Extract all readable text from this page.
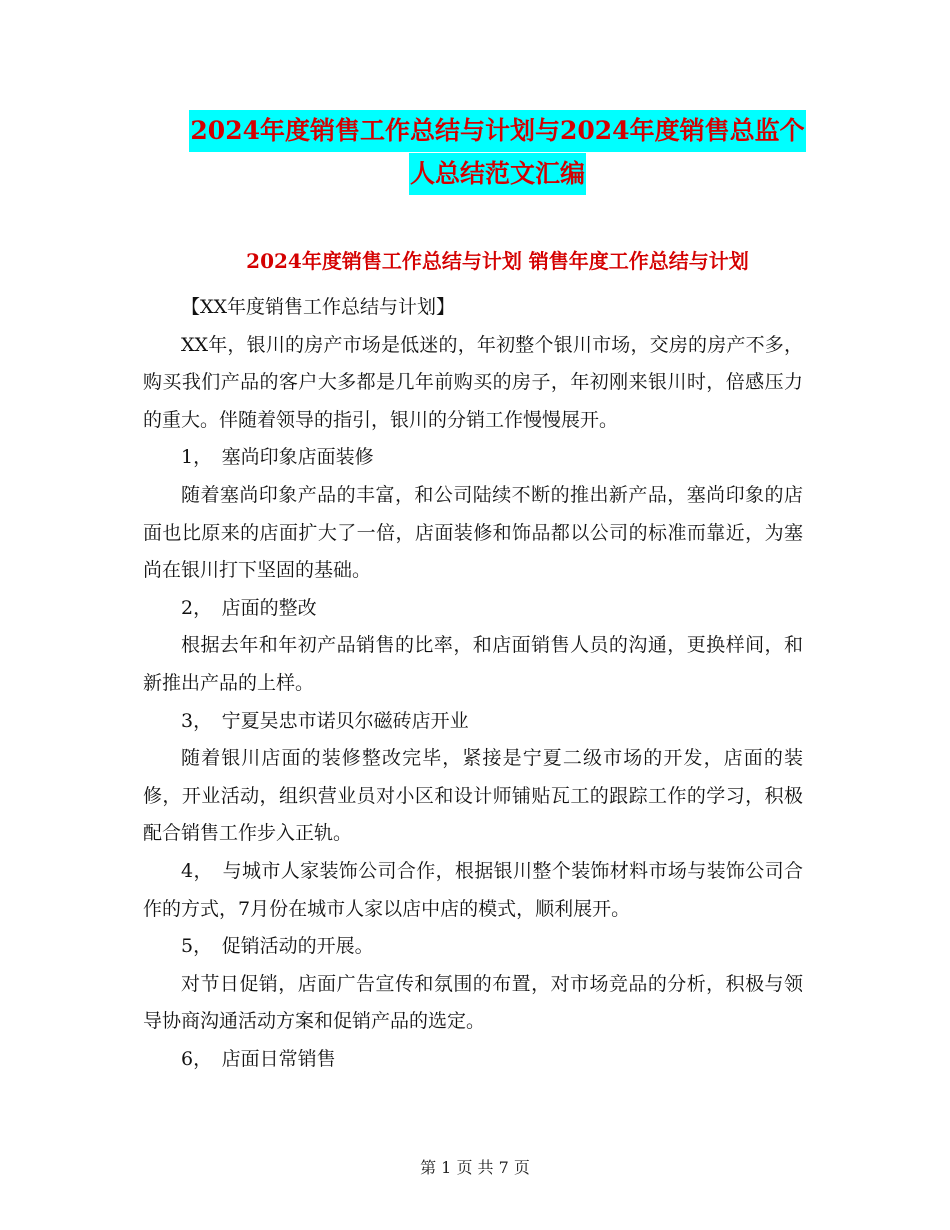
2024年度销售工作总结与计划与2024年度销售总监个
人总结范文汇编
2024年度销售工作总结与计划 销售年度工作总结与计划

【XX年度销售工作总结与计划】

XX年，银川的房产市场是低迷的，年初整个银川市场，交房的房产不多，购买我们产品的客户大多都是几年前购买的房子，年初刚来银川时，倍感压力的重大。伴随着领导的指引，银川的分销工作慢慢展开。

1，　塞尚印象店面装修

随着塞尚印象产品的丰富，和公司陆续不断的推出新产品，塞尚印象的店面也比原来的店面扩大了一倍，店面装修和饰品都以公司的标准而靠近，为塞尚在银川打下坚固的基础。

2，　店面的整改

根据去年和年初产品销售的比率，和店面销售人员的沟通，更换样间，和新推出产品的上样。

3，　宁夏吴忠市诺贝尔磁砖店开业

随着银川店面的装修整改完毕，紧接是宁夏二级市场的开发，店面的装修，开业活动，组织营业员对小区和设计师铺贴瓦工的跟踪工作的学习，积极配合销售工作步入正轨。

4，　与城市人家装饰公司合作，根据银川整个装饰材料市场与装饰公司合作的方式，7月份在城市人家以店中店的模式，顺利展开。

5，　促销活动的开展。

对节日促销，店面广告宣传和氛围的布置，对市场竞品的分析，积极与领导协商沟通活动方案和促销产品的选定。

6，　店面日常销售

第 1 页 共 7 页
